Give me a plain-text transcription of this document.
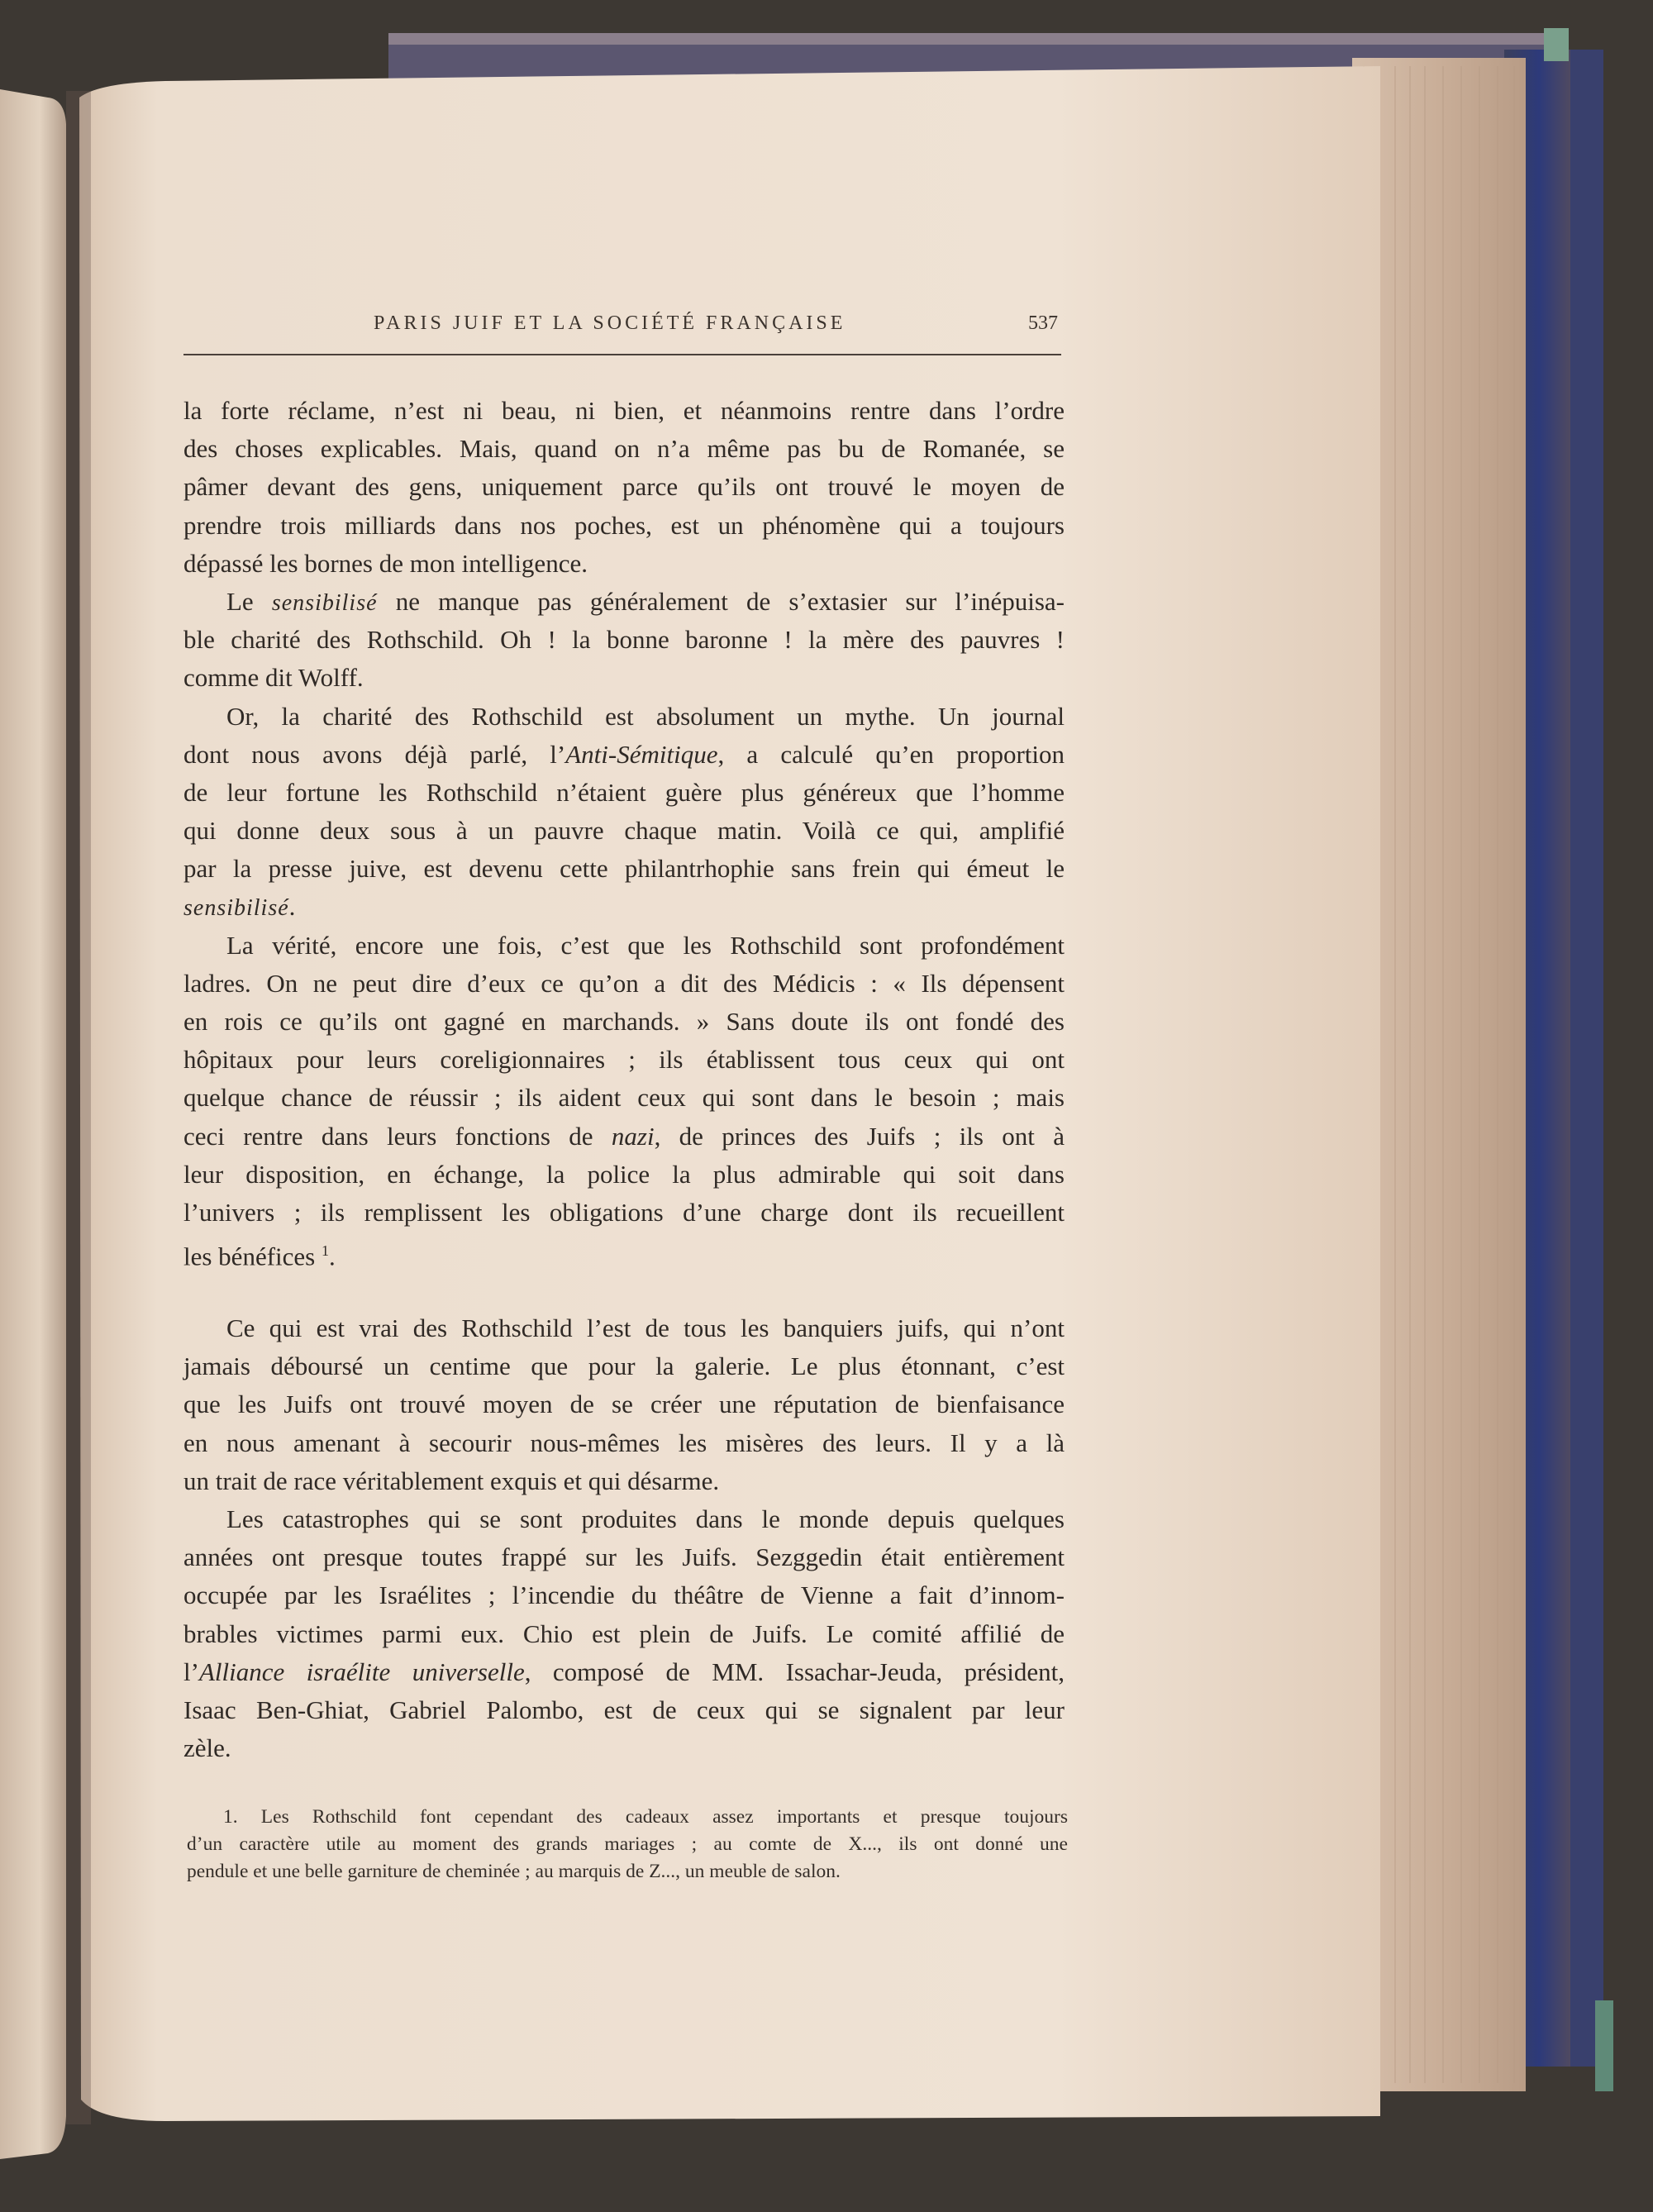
PARIS JUIF ET LA SOCIÉTÉ FRANÇAISE	537
la forte réclame, n’est ni beau, ni bien, et néanmoins rentre dans l’ordre
des choses explicables. Mais, quand on n’a même pas bu de Romanée, se
pâmer devant des gens, uniquement parce qu’ils ont trouvé le moyen de
prendre trois milliards dans nos poches, est un phénomène qui a toujours
dépassé les bornes de mon intelligence.
Le sensibilisé ne manque pas généralement de s’extasier sur l’inépuisa-
ble charité des Rothschild. Oh ! la bonne baronne ! la mère des pauvres !
comme dit Wolff.
Or, la charité des Rothschild est absolument un mythe. Un journal
dont nous avons déjà parlé, l’Anti-Sémitique, a calculé qu’en proportion
de leur fortune les Rothschild n’étaient guère plus généreux que l’homme
qui donne deux sous à un pauvre chaque matin. Voilà ce qui, amplifié
par la presse juive, est devenu cette philantrhophie sans frein qui émeut le
sensibilisé.
La vérité, encore une fois, c’est que les Rothschild sont profondément
ladres. On ne peut dire d’eux ce qu’on a dit des Médicis : « Ils dépensent
en rois ce qu’ils ont gagné en marchands. » Sans doute ils ont fondé des
hôpitaux pour leurs coreligionnaires ; ils établissent tous ceux qui ont
quelque chance de réussir ; ils aident ceux qui sont dans le besoin ; mais
ceci rentre dans leurs fonctions de nazi, de princes des Juifs ; ils ont à
leur disposition, en échange, la police la plus admirable qui soit dans
l’univers ; ils remplissent les obligations d’une charge dont ils recueillent
les bénéfices $^1$.
Ce qui est vrai des Rothschild l’est de tous les banquiers juifs, qui n’ont
jamais déboursé un centime que pour la galerie. Le plus étonnant, c’est
que les Juifs ont trouvé moyen de se créer une réputation de bienfaisance
en nous amenant à secourir nous-mêmes les misères des leurs. Il y a là
un trait de race véritablement exquis et qui désarme.
Les catastrophes qui se sont produites dans le monde depuis quelques
années ont presque toutes frappé sur les Juifs. Sezggedin était entièrement
occupée par les Israélites ; l’incendie du théâtre de Vienne a fait d’innom-
brables victimes parmi eux. Chio est plein de Juifs. Le comité affilié de
l’Alliance israélite universelle, composé de MM. Issachar-Jeuda, président,
Isaac Ben-Ghiat, Gabriel Palombo, est de ceux qui se signalent par leur
zèle.
1. Les Rothschild font cependant des cadeaux assez importants et presque toujours
d’un caractère utile au moment des grands mariages ; au comte de X..., ils ont donné une
pendule et une belle garniture de cheminée ; au marquis de Z..., un meuble de salon.
